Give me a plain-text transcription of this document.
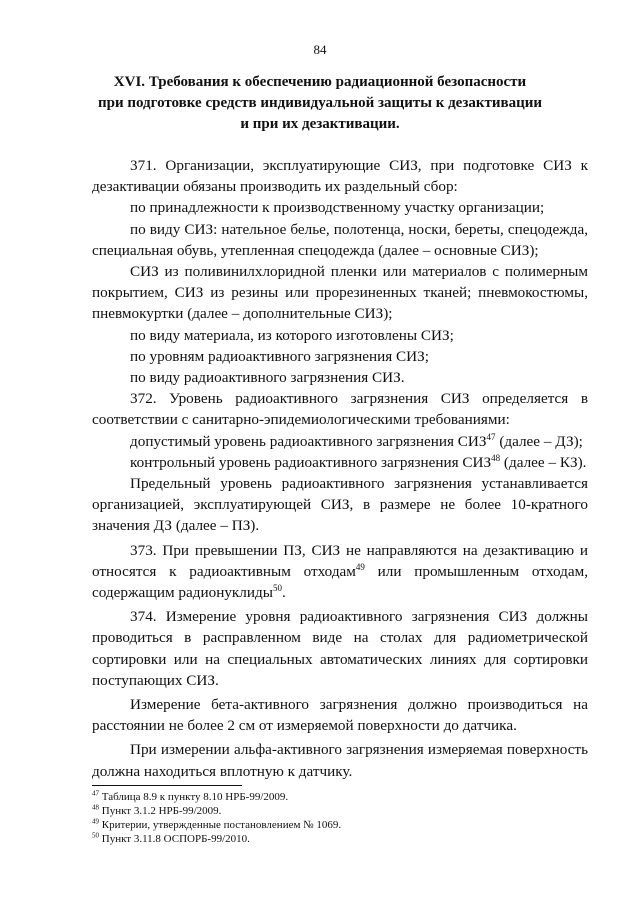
84
XVI. Требования к обеспечению радиационной безопасности
при подготовке средств индивидуальной защиты к дезактивации
и при их дезактивации.

371. Организации, эксплуатирующие СИЗ, при подготовке СИЗ к дезактивации обязаны производить их раздельный сбор:

по принадлежности к производственному участку организации;

по виду СИЗ: нательное белье, полотенца, носки, береты, спецодежда, специальная обувь, утепленная спецодежда (далее – основные СИЗ);

СИЗ из поливинилхлоридной пленки или материалов с полимерным покрытием, СИЗ из резины или прорезиненных тканей; пневмокостюмы, пневмокуртки (далее – дополнительные СИЗ);

по виду материала, из которого изготовлены СИЗ;

по уровням радиоактивного загрязнения СИЗ;

по виду радиоактивного загрязнения СИЗ.

372. Уровень радиоактивного загрязнения СИЗ определяется в соответствии с санитарно-эпидемиологическими требованиями:

допустимый уровень радиоактивного загрязнения СИЗ$^{47}$ (далее – ДЗ);

контрольный уровень радиоактивного загрязнения СИЗ$^{48}$ (далее – КЗ).

Предельный уровень радиоактивного загрязнения устанавливается организацией, эксплуатирующей СИЗ, в размере не более 10-кратного значения ДЗ (далее – ПЗ).

373. При превышении ПЗ, СИЗ не направляются на дезактивацию и относятся к радиоактивным отходам$^{49}$ или промышленным отходам, содержащим радионуклиды$^{50}$.

374. Измерение уровня радиоактивного загрязнения СИЗ должны проводиться в расправленном виде на столах для радиометрической сортировки или на специальных автоматических линиях для сортировки поступающих СИЗ.

Измерение бета-активного загрязнения должно производиться на расстоянии не более 2 см от измеряемой поверхности до датчика.

При измерении альфа-активного загрязнения измеряемая поверхность должна находиться вплотную к датчику.

$^{47}$ Таблица 8.9 к пункту 8.10 НРБ-99/2009.
$^{48}$ Пункт 3.1.2 НРБ-99/2009.
$^{49}$ Критерии, утвержденные постановлением № 1069.
$^{50}$ Пункт 3.11.8 ОСПОРБ-99/2010.
